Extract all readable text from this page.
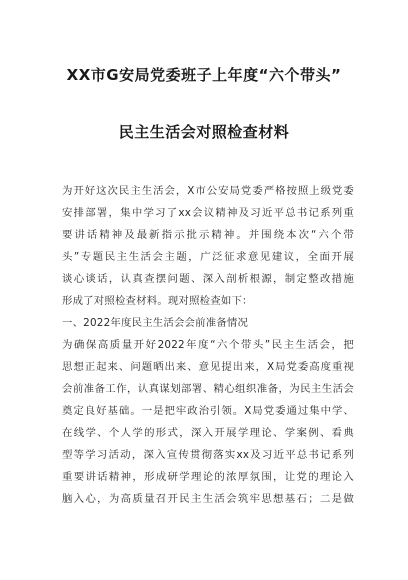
XX市G安局党委班子上年度“六个带头”
民主生活会对照检查材料
为开好这次民主生活会，X市公安局党委严格按照上级党委
安排部署，集中学习了xx会议精神及习近平总书记系列重
要讲话精神及最新指示批示精神。并围绕本次“六个带
头”专题民主生活会主题，广泛征求意见建议，全面开展
谈心谈话，认真查摆问题、深入剖析根源，制定整改措施
形成了对照检查材料。现对照检查如下：
一、2022年度民主生活会会前准备情况
为确保高质量开好2022年度“六个带头”民主生活会，把
思想正起来、问题晒出来、意见提出来，X局党委高度重视
会前准备工作，认真谋划部署、精心组织准备，为民主生活会
奠定良好基础。一是把牢政治引领。X局党委通过集中学、
在线学、个人学的形式，深入开展学理论、学案例、看典
型等学习活动，深入宣传贯彻落实xx及习近平总书记系列
重要讲话精神，形成研学理论的浓厚氛围，让党的理论入
脑入心，为高质量召开民主生活会筑牢思想基石；二是做
